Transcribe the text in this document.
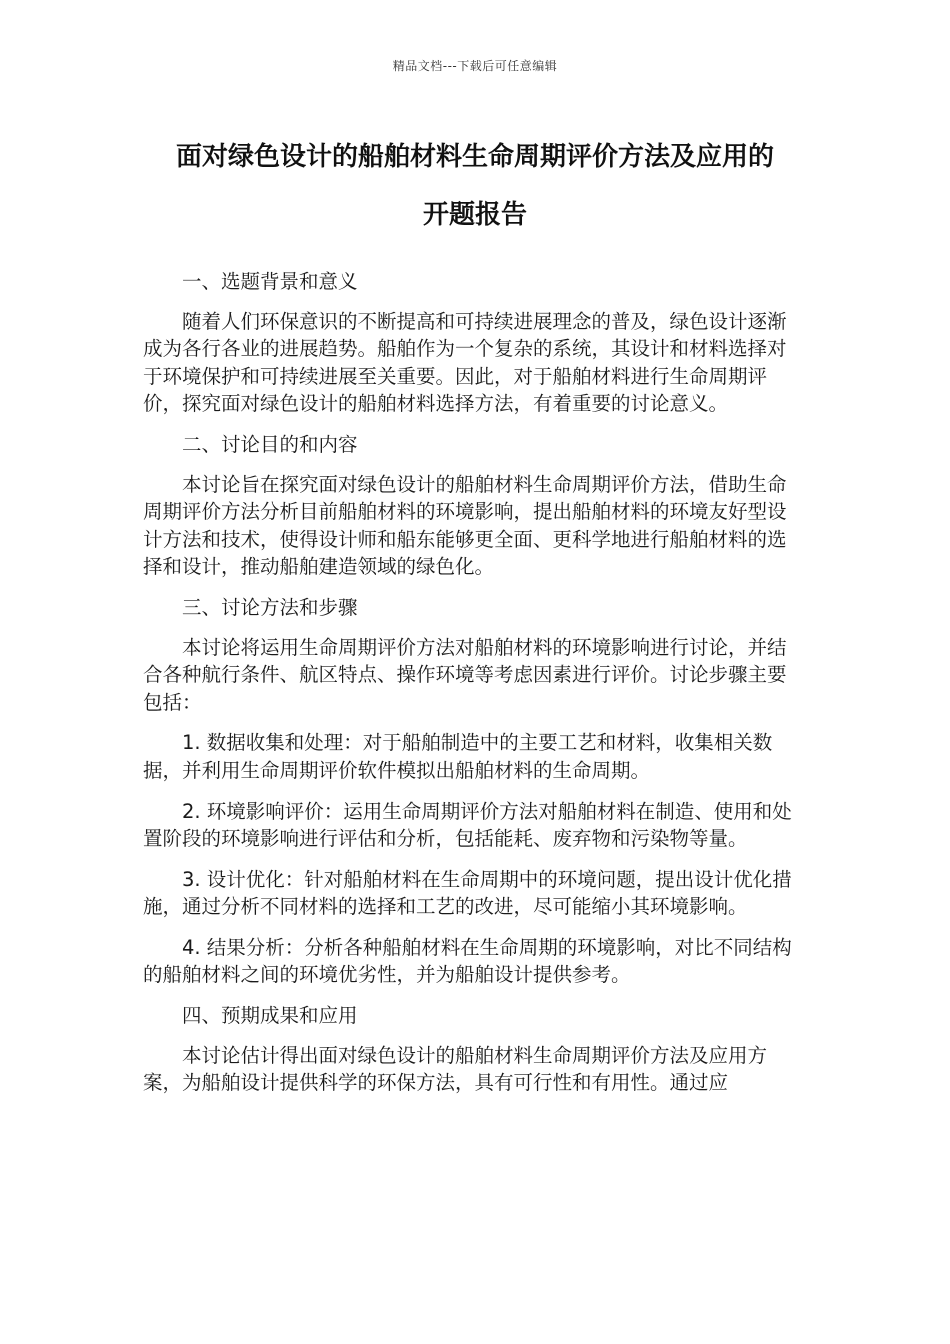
精品文档---下载后可任意编辑
面对绿色设计的船舶材料生命周期评价方法及应用的
开题报告

一、选题背景和意义

随着人们环保意识的不断提高和可持续进展理念的普及，绿色设计逐渐成为各行各业的进展趋势。船舶作为一个复杂的系统，其设计和材料选择对于环境保护和可持续进展至关重要。因此，对于船舶材料进行生命周期评价，探究面对绿色设计的船舶材料选择方法，有着重要的讨论意义。

二、讨论目的和内容

本讨论旨在探究面对绿色设计的船舶材料生命周期评价方法，借助生命周期评价方法分析目前船舶材料的环境影响，提出船舶材料的环境友好型设计方法和技术，使得设计师和船东能够更全面、更科学地进行船舶材料的选择和设计，推动船舶建造领域的绿色化。

三、讨论方法和步骤

本讨论将运用生命周期评价方法对船舶材料的环境影响进行讨论，并结合各种航行条件、航区特点、操作环境等考虑因素进行评价。讨论步骤主要包括：

1. 数据收集和处理：对于船舶制造中的主要工艺和材料，收集相关数据，并利用生命周期评价软件模拟出船舶材料的生命周期。

2. 环境影响评价：运用生命周期评价方法对船舶材料在制造、使用和处置阶段的环境影响进行评估和分析，包括能耗、废弃物和污染物等量。

3. 设计优化：针对船舶材料在生命周期中的环境问题，提出设计优化措施，通过分析不同材料的选择和工艺的改进，尽可能缩小其环境影响。

4. 结果分析：分析各种船舶材料在生命周期的环境影响，对比不同结构的船舶材料之间的环境优劣性，并为船舶设计提供参考。

四、预期成果和应用

本讨论估计得出面对绿色设计的船舶材料生命周期评价方法及应用方案，为船舶设计提供科学的环保方法，具有可行性和有用性。通过应
